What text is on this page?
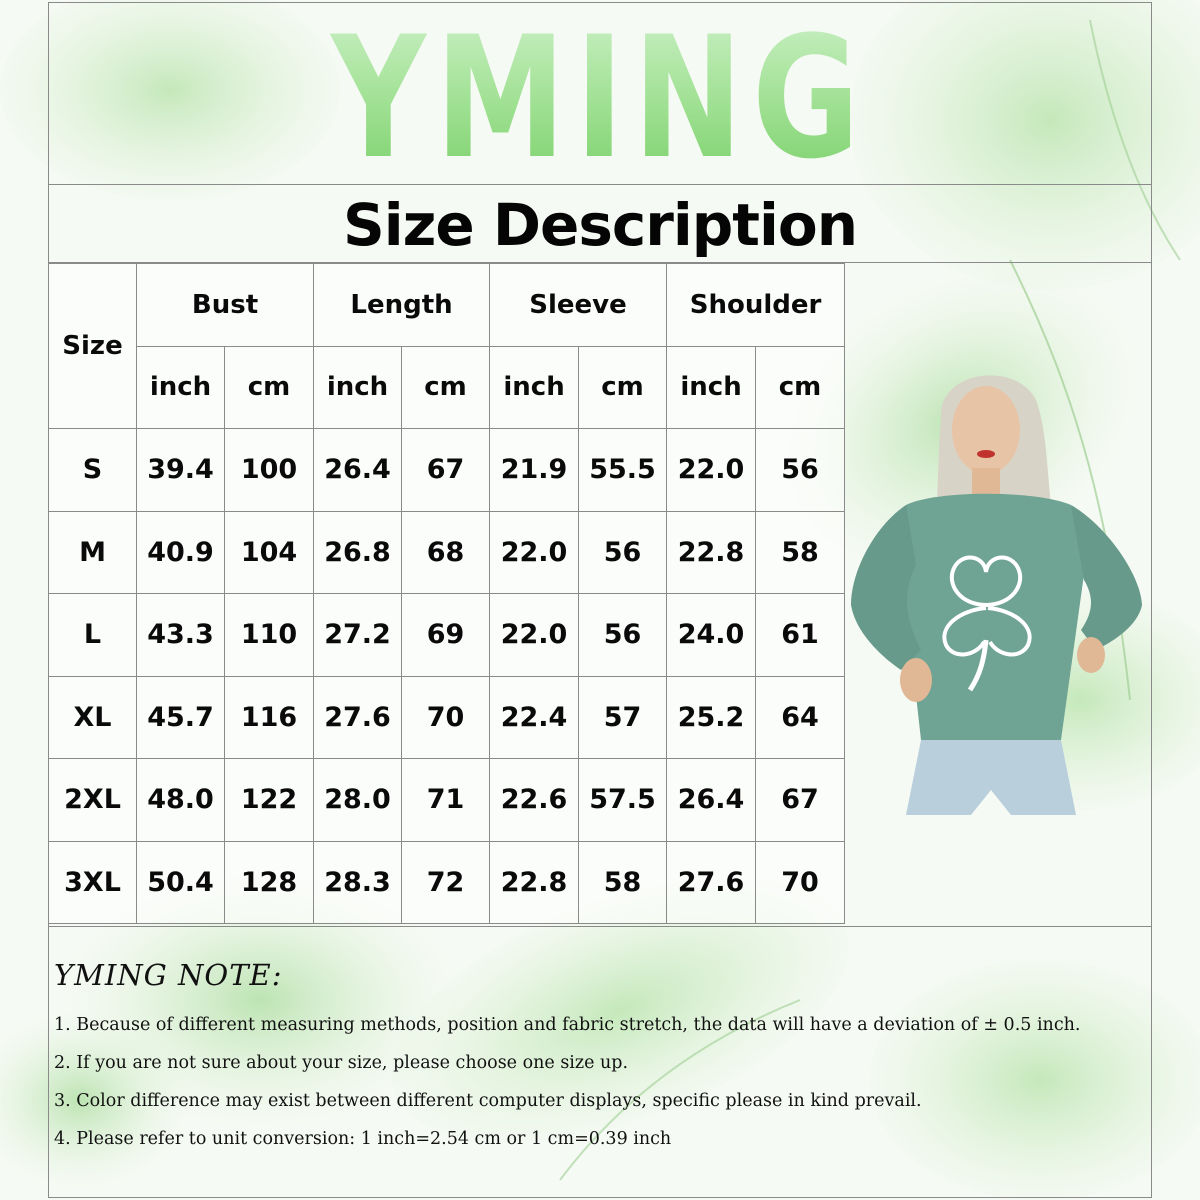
YMING
Size Description
Size	Bust		Length		Sleeve		Shoulder	
	inch	cm	inch	cm	inch	cm	inch	cm
S	39.4	100	26.4	67	21.9	55.5	22.0	56
M	40.9	104	26.8	68	22.0	56	22.8	58
L	43.3	110	27.2	69	22.0	56	24.0	61
XL	45.7	116	27.6	70	22.4	57	25.2	64
2XL	48.0	122	28.0	71	22.6	57.5	26.4	67
3XL	50.4	128	28.3	72	22.8	58	27.6	70
YMING NOTE:
1. Because of different measuring methods, position and fabric stretch, the data will have a deviation of ± 0.5 inch.
2. If you are not sure about your size, please choose one size up.
3. Color difference may exist between different computer displays, specific please in kind prevail.
4. Please refer to unit conversion: 1 inch=2.54 cm or 1 cm=0.39 inch
